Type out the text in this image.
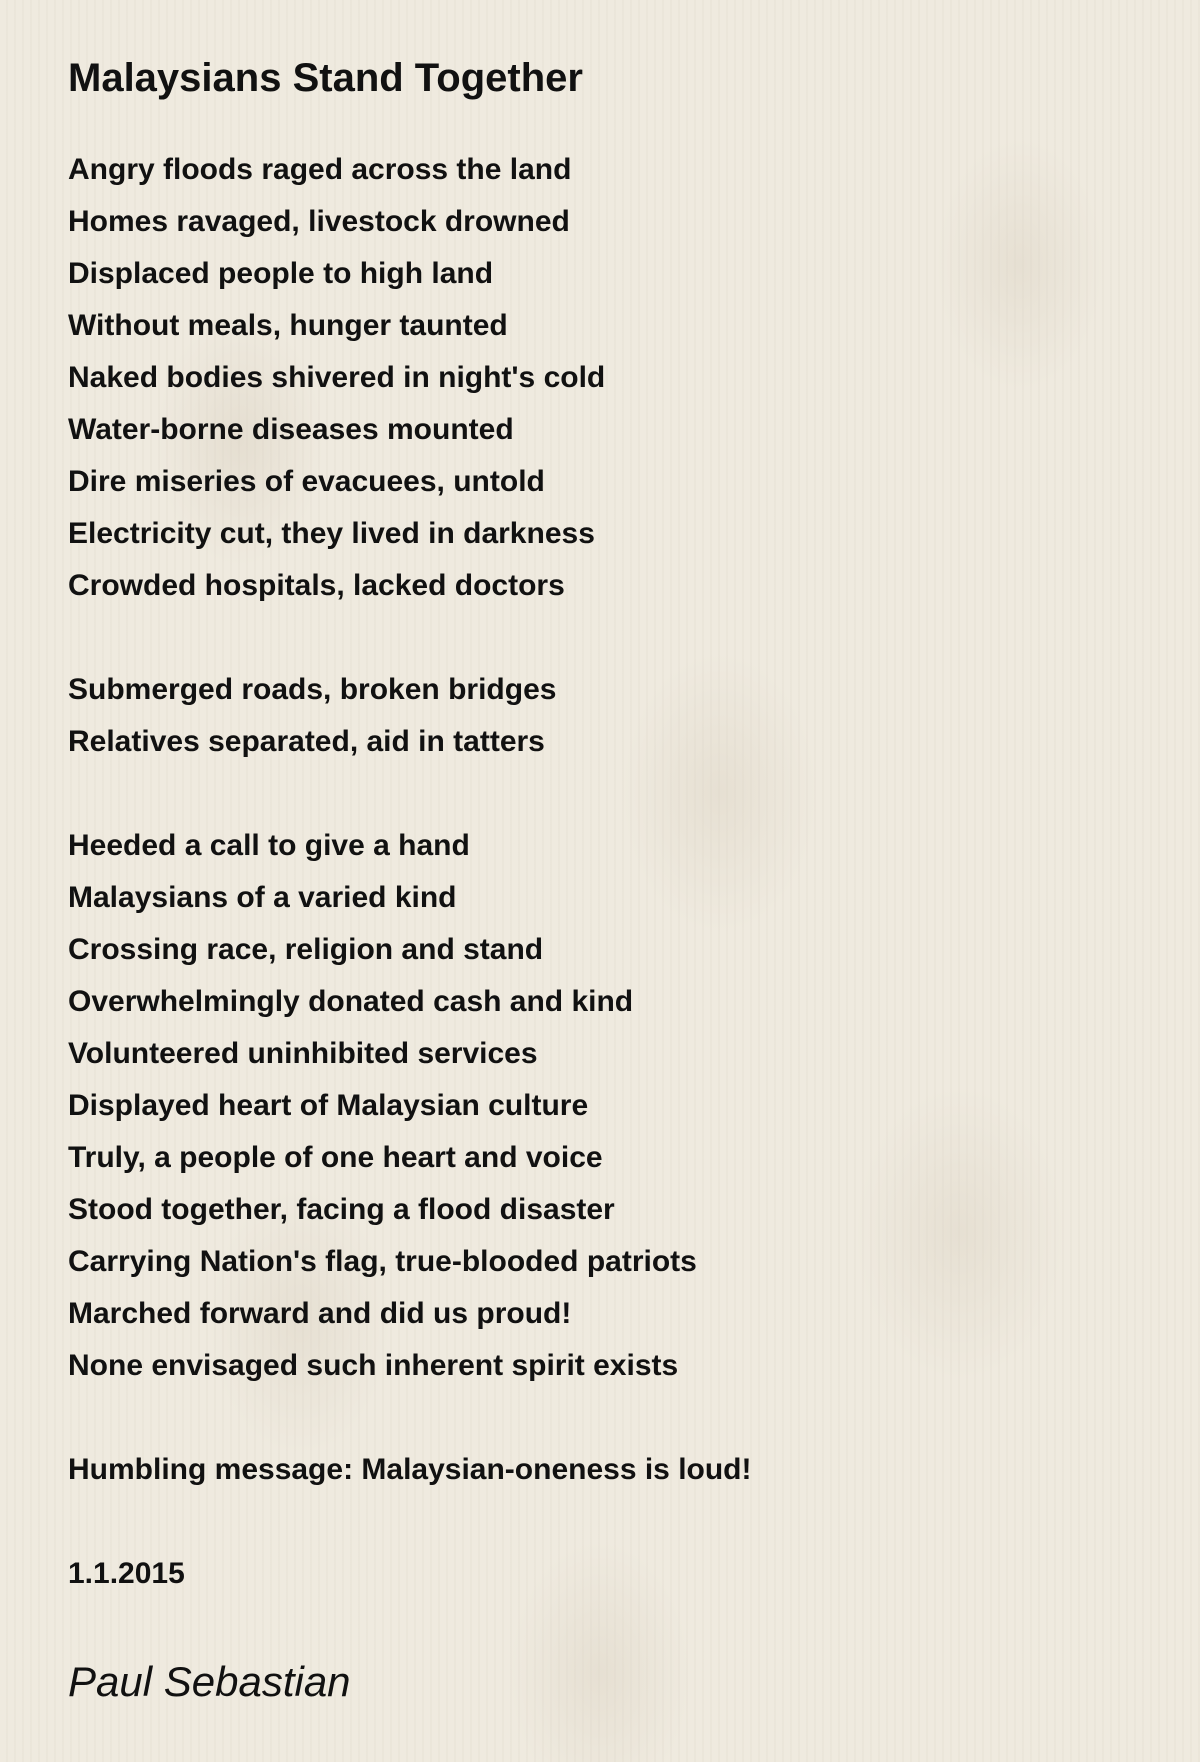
Malaysians Stand Together
Angry floods raged across the land
Homes ravaged, livestock drowned
Displaced people to high land
Without meals, hunger taunted
Naked bodies shivered in night's cold
Water-borne diseases mounted
Dire miseries of evacuees, untold
Electricity cut, they lived in darkness
Crowded hospitals, lacked doctors
Submerged roads, broken bridges
Relatives separated, aid in tatters
Heeded a call to give a hand
Malaysians of a varied kind
Crossing race, religion and stand
Overwhelmingly donated cash and kind
Volunteered uninhibited services
Displayed heart of Malaysian culture
Truly, a people of one heart and voice
Stood together, facing a flood disaster
Carrying Nation's flag, true-blooded patriots
Marched forward and did us proud!
None envisaged such inherent spirit exists
Humbling message: Malaysian-oneness is loud!
1.1.2015
Paul Sebastian
